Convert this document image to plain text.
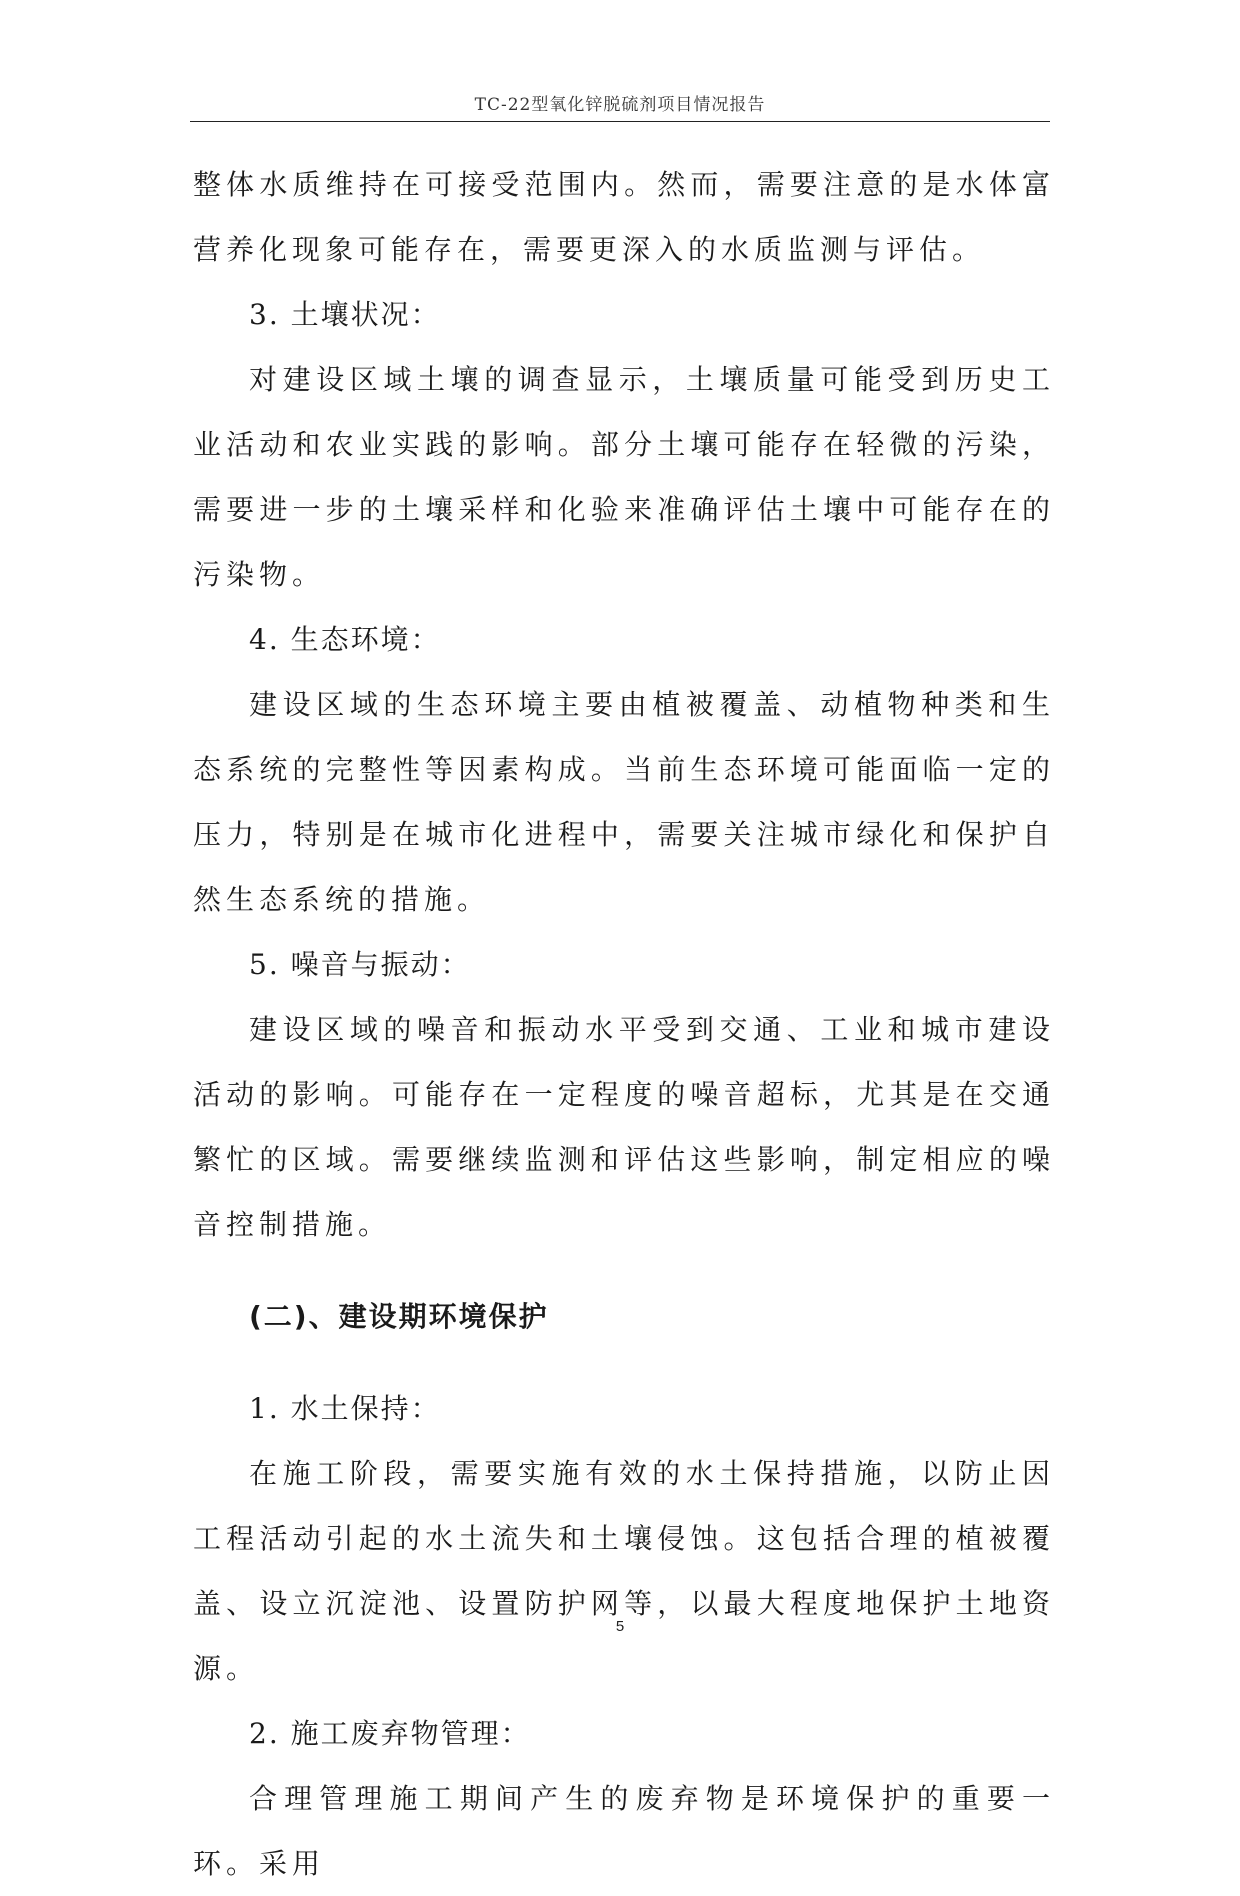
TC-22型氧化锌脱硫剂项目情况报告

整体水质维持在可接受范围内。然而，需要注意的是水体富营养化现象可能存在，需要更深入的水质监测与评估。

3. 土壤状况：

对建设区域土壤的调查显示，土壤质量可能受到历史工业活动和农业实践的影响。部分土壤可能存在轻微的污染，需要进一步的土壤采样和化验来准确评估土壤中可能存在的污染物。

4. 生态环境：

建设区域的生态环境主要由植被覆盖、动植物种类和生态系统的完整性等因素构成。当前生态环境可能面临一定的压力，特别是在城市化进程中，需要关注城市绿化和保护自然生态系统的措施。

5. 噪音与振动：

建设区域的噪音和振动水平受到交通、工业和城市建设活动的影响。可能存在一定程度的噪音超标，尤其是在交通繁忙的区域。需要继续监测和评估这些影响，制定相应的噪音控制措施。

(二)、建设期环境保护

1. 水土保持：

在施工阶段，需要实施有效的水土保持措施，以防止因工程活动引起的水土流失和土壤侵蚀。这包括合理的植被覆盖、设立沉淀池、设置防护网等，以最大程度地保护土地资源。

2. 施工废弃物管理：

合理管理施工期间产生的废弃物是环境保护的重要一环。采用

5
